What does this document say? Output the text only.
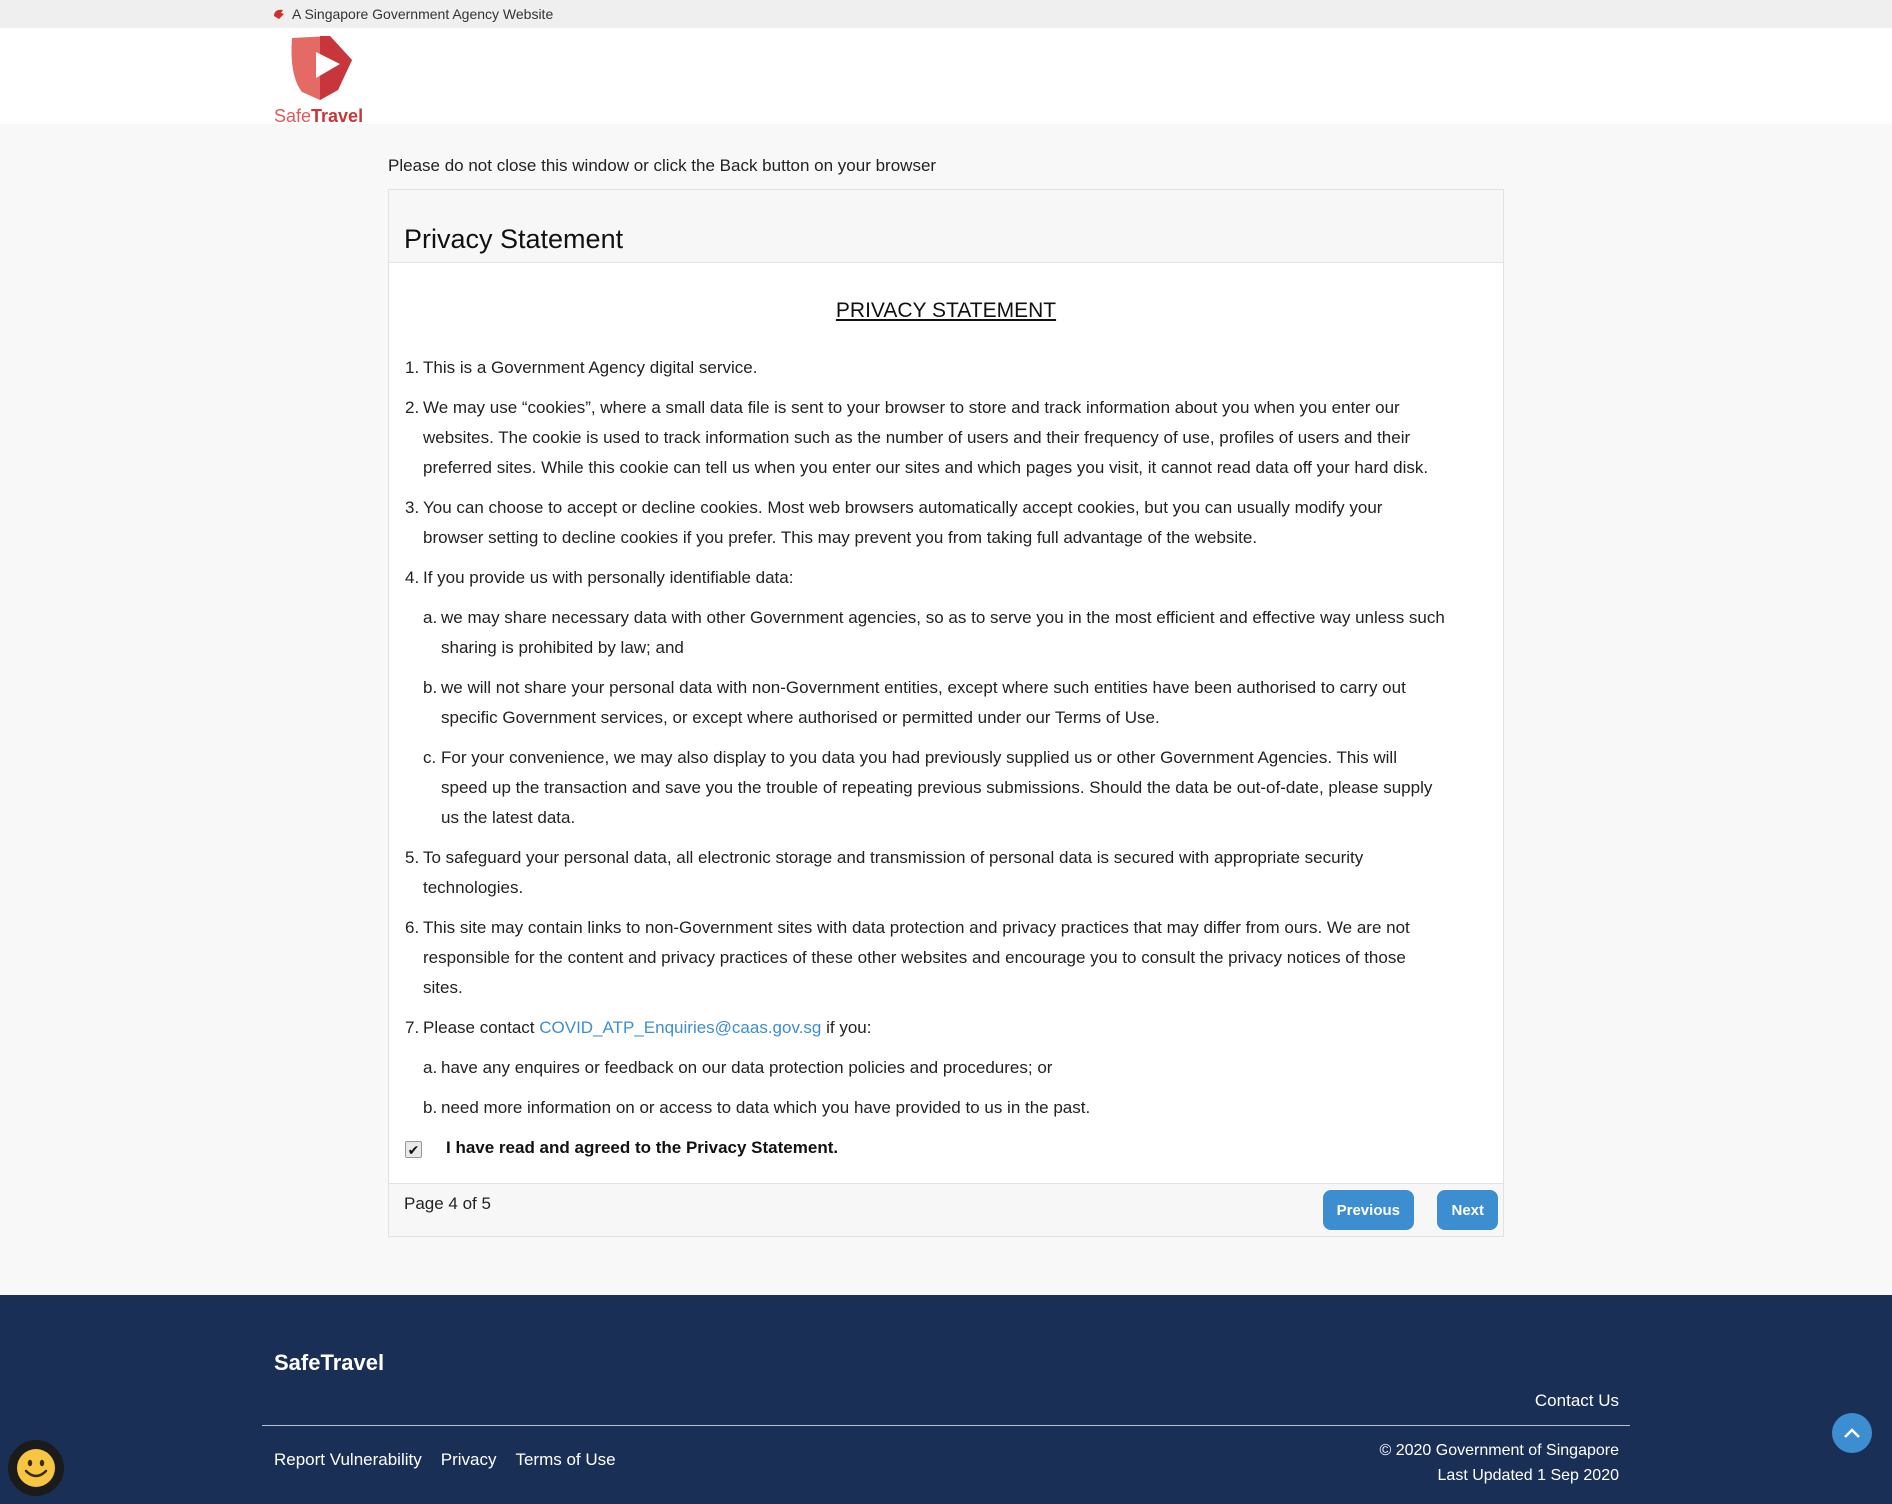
A Singapore Government Agency Website
SafeTravel
Please do not close this window or click the Back button on your browser
Privacy Statement
PRIVACY STATEMENT
1. This is a Government Agency digital service.
2. We may use “cookies”, where a small data file is sent to your browser to store and track information about you when you enter our websites. The cookie is used to track information such as the number of users and their frequency of use, profiles of users and their preferred sites. While this cookie can tell us when you enter our sites and which pages you visit, it cannot read data off your hard disk.
3. You can choose to accept or decline cookies. Most web browsers automatically accept cookies, but you can usually modify your browser setting to decline cookies if you prefer. This may prevent you from taking full advantage of the website.
4. If you provide us with personally identifiable data:
a. we may share necessary data with other Government agencies, so as to serve you in the most efficient and effective way unless such sharing is prohibited by law; and
b. we will not share your personal data with non-Government entities, except where such entities have been authorised to carry out specific Government services, or except where authorised or permitted under our Terms of Use.
c. For your convenience, we may also display to you data you had previously supplied us or other Government Agencies. This will speed up the transaction and save you the trouble of repeating previous submissions. Should the data be out-of-date, please supply us the latest data.
5. To safeguard your personal data, all electronic storage and transmission of personal data is secured with appropriate security technologies.
6. This site may contain links to non-Government sites with data protection and privacy practices that may differ from ours. We are not responsible for the content and privacy practices of these other websites and encourage you to consult the privacy notices of those sites.
7. Please contact COVID_ATP_Enquiries@caas.gov.sg if you:
a. have any enquires or feedback on our data protection policies and procedures; or
b. need more information on or access to data which you have provided to us in the past.
✔ I have read and agreed to the Privacy Statement.
Page 4 of 5	Previous	Next
SafeTravel
Contact Us
Report Vulnerability Privacy Terms of Use	© 2020 Government of Singapore
Last Updated 1 Sep 2020
